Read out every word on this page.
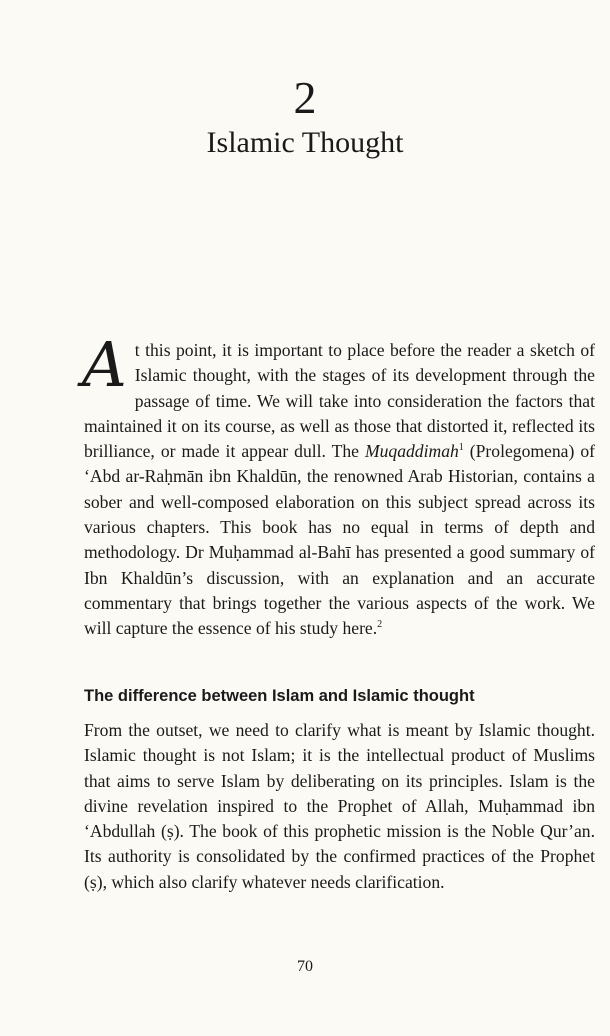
2
Islamic Thought

At this point, it is important to place before the reader a sketch of Islamic thought, with the stages of its development through the passage of time. We will take into consideration the factors that maintained it on its course, as well as those that distorted it, reflected its brilliance, or made it appear dull. The Muqaddimah$^1$ (Prolegomena) of ‘Abd ar-Raḥmān ibn Khaldūn, the renowned Arab Historian, contains a sober and well-composed elaboration on this subject spread across its various chapters. This book has no equal in terms of depth and methodology. Dr Muḥammad al-Bahī has presented a good summary of Ibn Khaldūn’s discussion, with an explanation and an accurate commentary that brings together the various aspects of the work. We will capture the essence of his study here.$^2$

The difference between Islam and Islamic thought

From the outset, we need to clarify what is meant by Islamic thought. Islamic thought is not Islam; it is the intellectual product of Muslims that aims to serve Islam by deliberating on its principles. Islam is the divine revelation inspired to the Prophet of Allah, Muḥammad ibn ‘Abdullah (ṣ). The book of this prophetic mission is the Noble Qur’an. Its authority is consolidated by the confirmed practices of the Prophet (ṣ), which also clarify whatever needs clarification.

70
